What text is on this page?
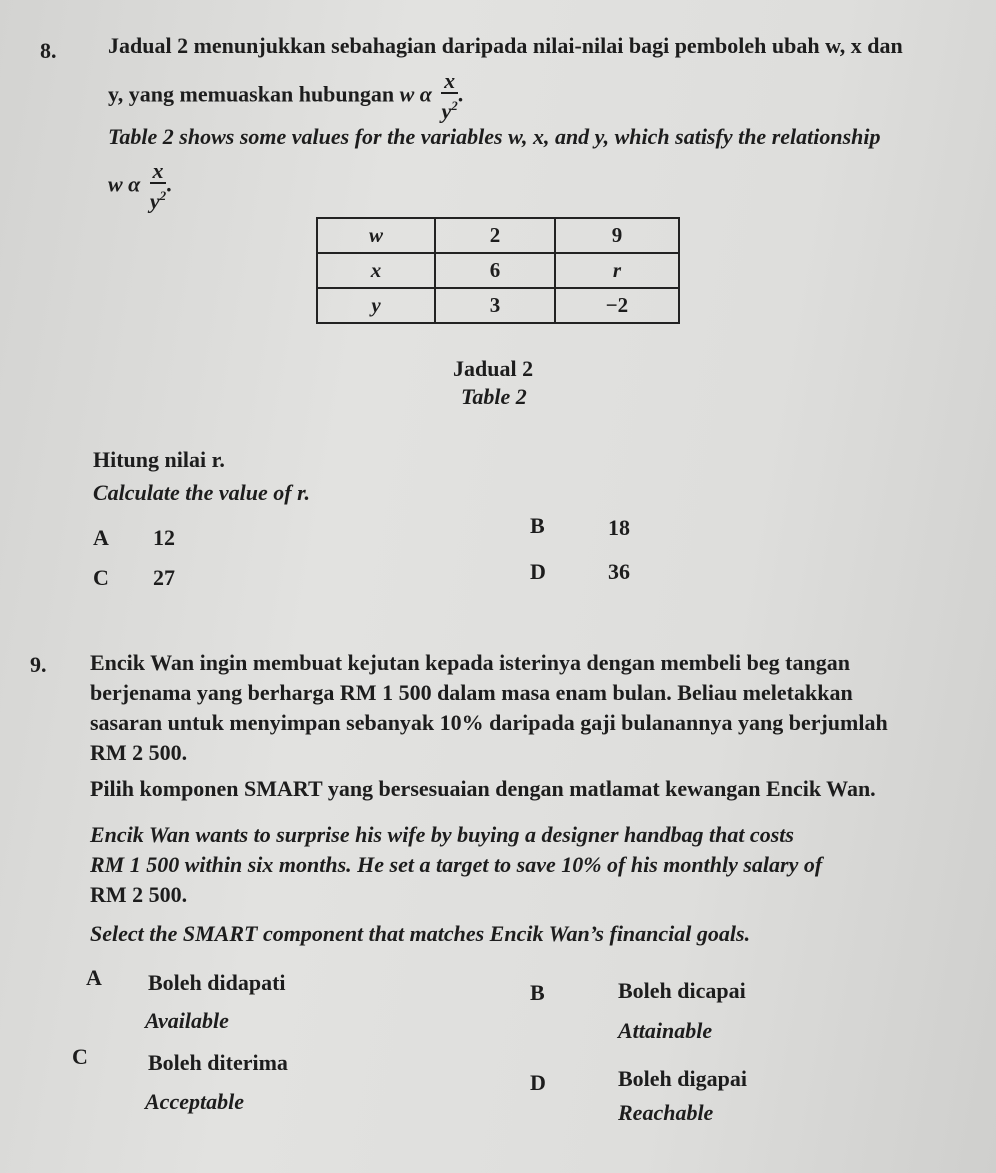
8. Jadual 2 menunjukkan sebahagian daripada nilai-nilai bagi pemboleh ubah w, x dan
y, yang memuaskan hubungan w α $\frac{x}{y^2}$ .
Table 2 shows some values for the variables w, x, and y, which satisfy the relationship
w α $\frac{x}{y^2}$ .
w	2	9
x	6	r
y	3	−2
Jadual 2
Table 2
Hitung nilai r.
Calculate the value of r.
A 12	B	18
C 27	D	36
9. Encik Wan ingin membuat kejutan kepada isterinya dengan membeli beg tangan
berjenama yang berharga RM 1 500 dalam masa enam bulan. Beliau meletakkan
sasaran untuk menyimpan sebanyak 10% daripada gaji bulanannya yang berjumlah
RM 2 500.
Pilih komponen SMART yang bersesuaian dengan matlamat kewangan Encik Wan.
Encik Wan wants to surprise his wife by buying a designer handbag that costs
RM 1 500 within six months. He set a target to save 10% of his monthly salary of
RM 2 500.
Select the SMART component that matches Encik Wan’s financial goals.
A Boleh didapati
Available
B	Boleh dicapai
Attainable
C	Boleh diterima
Acceptable
D	Boleh digapai
Reachable
